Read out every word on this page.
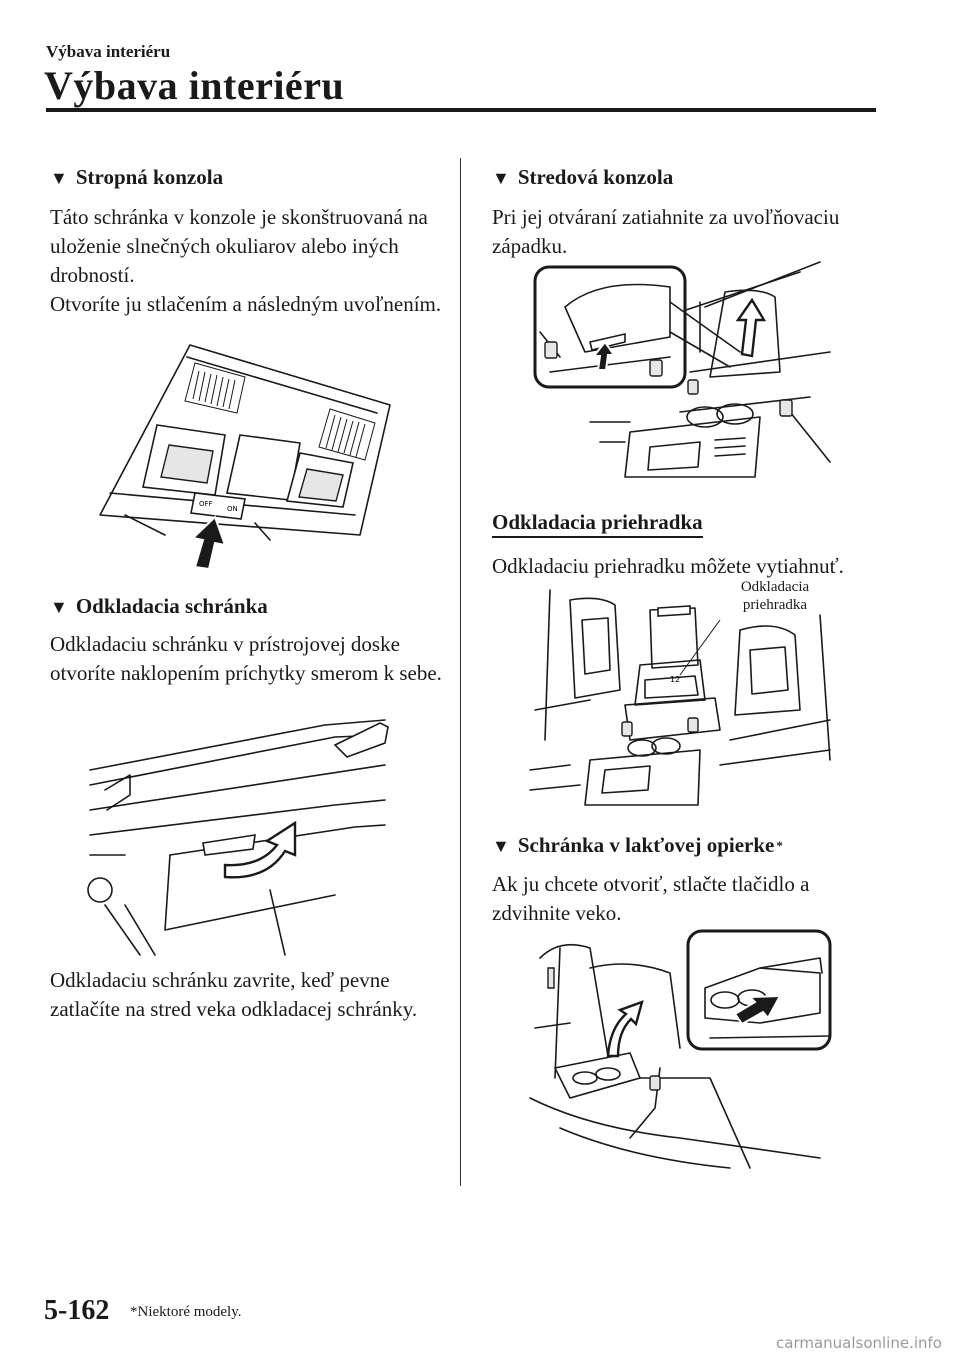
Výbava interiéru
Výbava interiéru
▼ Stropná konzola
Táto schránka v konzole je skonštruovaná na uloženie slnečných okuliarov alebo iných drobností.
Otvoríte ju stlačením a následným uvoľnením.
OFF
ON
▼ Odkladacia schránka
Odkladaciu schránku v prístrojovej doske otvoríte naklopením príchytky smerom k sebe.
Odkladaciu schránku zavrite, keď pevne zatlačíte na stred veka odkladacej schránky.
▼ Stredová konzola
Pri jej otváraní zatiahnite za uvoľňovaciu západku.
Odkladacia priehradka
Odkladaciu priehradku môžete vytiahnuť.
12
Odkladacia
priehradka
▼ Schránka v lakťovej opierke *
Ak ju chcete otvoriť, stlačte tlačidlo a zdvihnite veko.
5-162 *Niektoré modely.
carmanualsonline.info
